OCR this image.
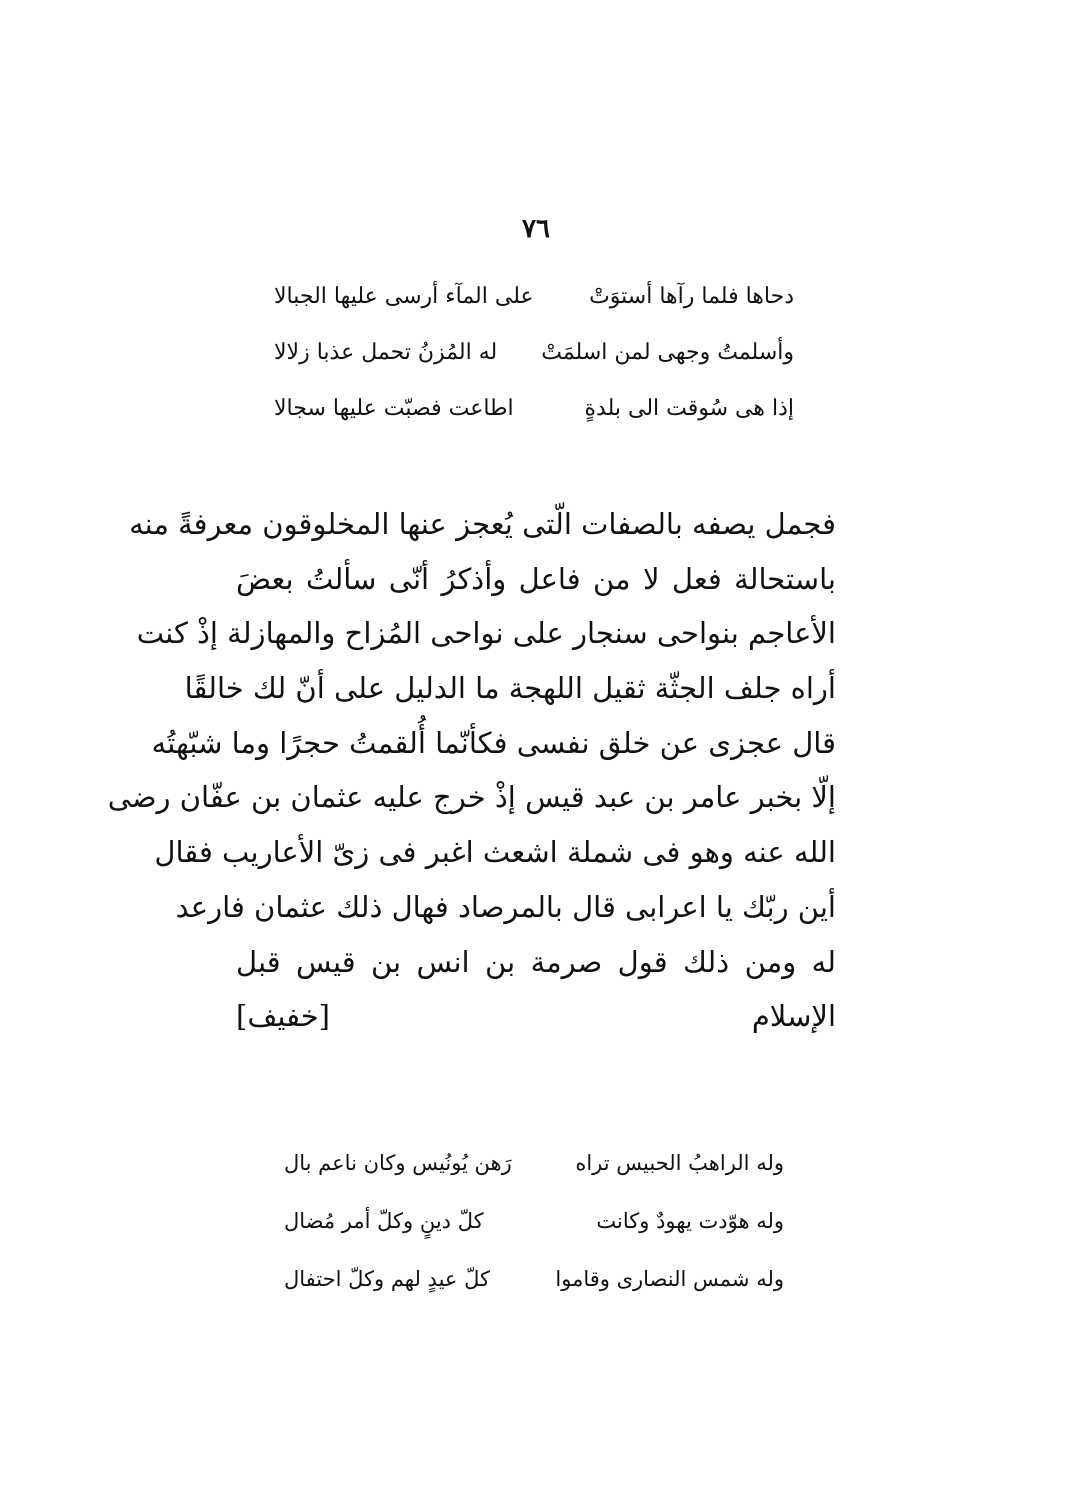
٧٦
دحاها فلما رآها أستوَتْ
على المآء أرسى عليها الجبالا
وأسلمتُ وجهى لمن اسلمَتْ
له المُزنُ تحمل عذبا زلالا
إذا هى سُوقت الى بلدةٍ
اطاعت فصبّت عليها سجالا
فجمل يصفه بالصفات الّتى يُعجز عنها المخلوقون معرفةً منه
باستحالة فعل لا من فاعل وأذكرُ أنّى سألتُ بعضَ
الأعاجم بنواحى سنجار على نواحى المُزاح والمهازلة إذْ كنت
أراه جلف الجثّة ثقيل اللهجة ما الدليل على أنّ لك خالقًا
قال عجزى عن خلق نفسى فكأنّما أُلقمتُ حجرًا وما شبّهتُه
إلّا بخبر عامر بن عبد قيس إذْ خرج عليه عثمان بن عفّان رضى
الله عنه وهو فى شملة اشعث اغبر فى زىّ الأعاريب فقال
أين ربّك يا اعرابى قال بالمرصاد فهال ذلك عثمان فارعد
له ومن ذلك قول صرمة بن انس بن قيس قبل
الإسلام
[خفيف]
وله الراهبُ الحبيس تراه
رَهن يُونُيس وكان ناعم بال
وله هوّدت يهودٌ وكانت
كلّ دينٍ وكلّ أمر مُضال
وله شمس النصارى وقاموا
كلّ عيدٍ لهم وكلّ احتفال
